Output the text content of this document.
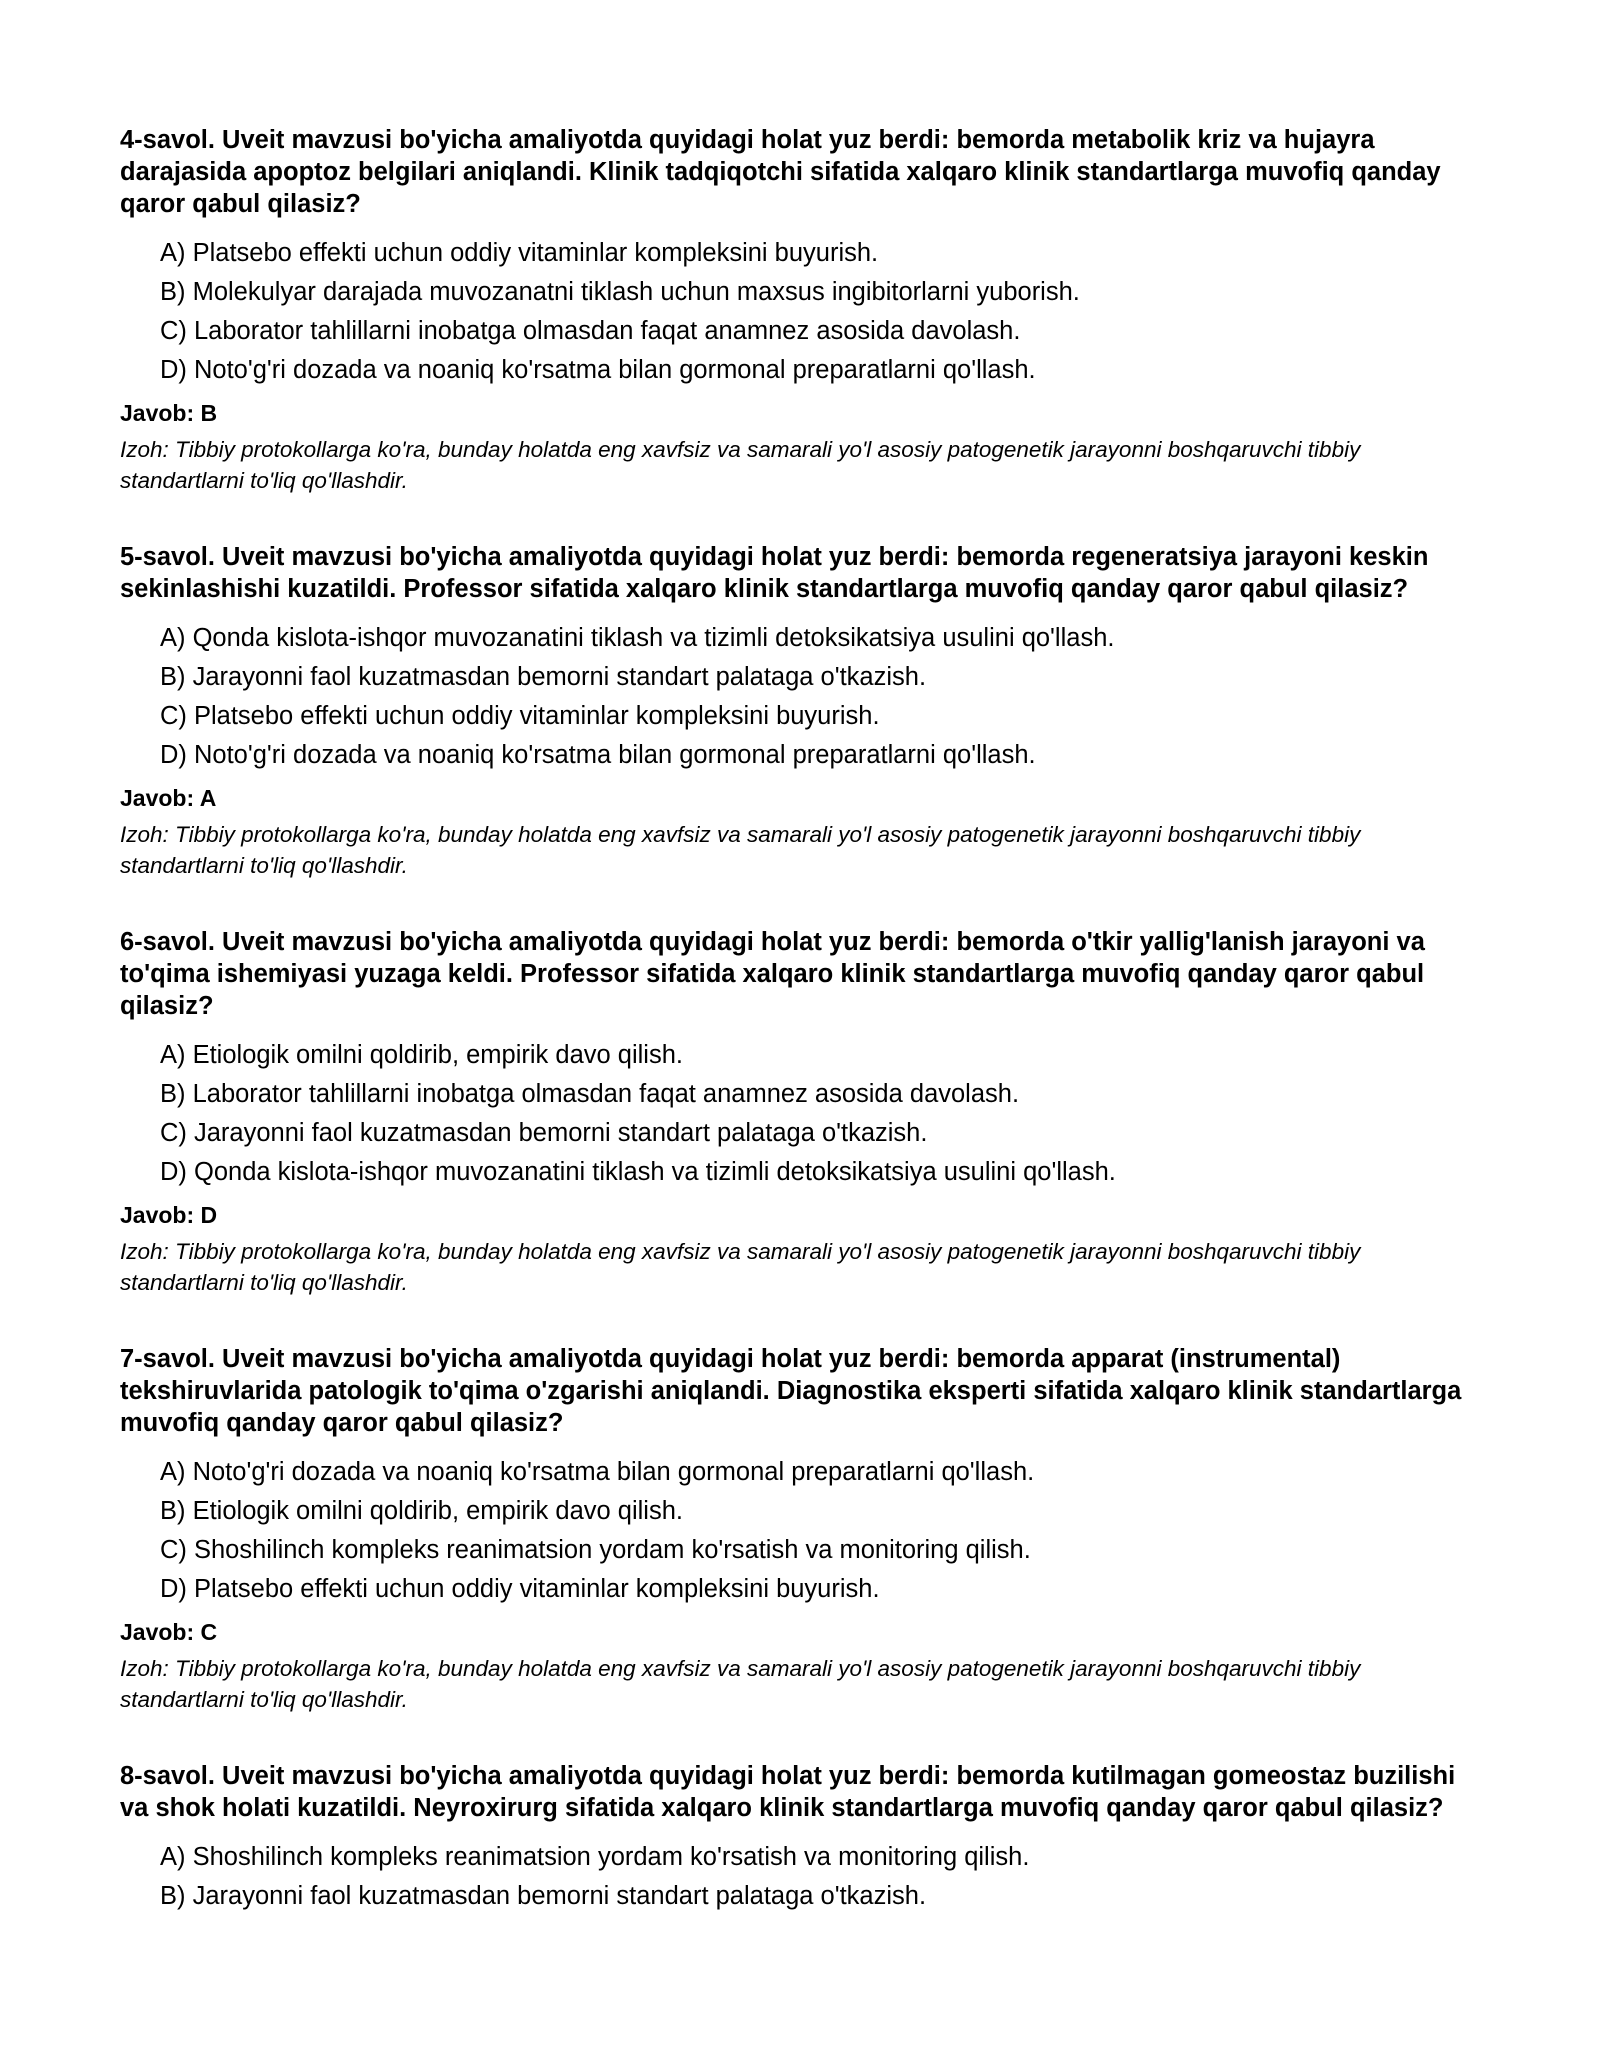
4-savol. Uveit mavzusi bo'yicha amaliyotda quyidagi holat yuz berdi: bemorda metabolik kriz va hujayra darajasida apoptoz belgilari aniqlandi. Klinik tadqiqotchi sifatida xalqaro klinik standartlarga muvofiq qanday qaror qabul qilasiz?

A) Platsebo effekti uchun oddiy vitaminlar kompleksini buyurish.
B) Molekulyar darajada muvozanatni tiklash uchun maxsus ingibitorlarni yuborish.
C) Laborator tahlillarni inobatga olmasdan faqat anamnez asosida davolash.
D) Noto'g'ri dozada va noaniq ko'rsatma bilan gormonal preparatlarni qo'llash.

Javob: B

Izoh: Tibbiy protokollarga ko'ra, bunday holatda eng xavfsiz va samarali yo'l asosiy patogenetik jarayonni boshqaruvchi tibbiy standartlarni to'liq qo'llashdir.

5-savol. Uveit mavzusi bo'yicha amaliyotda quyidagi holat yuz berdi: bemorda regeneratsiya jarayoni keskin sekinlashishi kuzatildi. Professor sifatida xalqaro klinik standartlarga muvofiq qanday qaror qabul qilasiz?

A) Qonda kislota-ishqor muvozanatini tiklash va tizimli detoksikatsiya usulini qo'llash.
B) Jarayonni faol kuzatmasdan bemorni standart palataga o'tkazish.
C) Platsebo effekti uchun oddiy vitaminlar kompleksini buyurish.
D) Noto'g'ri dozada va noaniq ko'rsatma bilan gormonal preparatlarni qo'llash.

Javob: A

Izoh: Tibbiy protokollarga ko'ra, bunday holatda eng xavfsiz va samarali yo'l asosiy patogenetik jarayonni boshqaruvchi tibbiy standartlarni to'liq qo'llashdir.

6-savol. Uveit mavzusi bo'yicha amaliyotda quyidagi holat yuz berdi: bemorda o'tkir yallig'lanish jarayoni va to'qima ishemiyasi yuzaga keldi. Professor sifatida xalqaro klinik standartlarga muvofiq qanday qaror qabul qilasiz?

A) Etiologik omilni qoldirib, empirik davo qilish.
B) Laborator tahlillarni inobatga olmasdan faqat anamnez asosida davolash.
C) Jarayonni faol kuzatmasdan bemorni standart palataga o'tkazish.
D) Qonda kislota-ishqor muvozanatini tiklash va tizimli detoksikatsiya usulini qo'llash.

Javob: D

Izoh: Tibbiy protokollarga ko'ra, bunday holatda eng xavfsiz va samarali yo'l asosiy patogenetik jarayonni boshqaruvchi tibbiy standartlarni to'liq qo'llashdir.

7-savol. Uveit mavzusi bo'yicha amaliyotda quyidagi holat yuz berdi: bemorda apparat (instrumental) tekshiruvlarida patologik to'qima o'zgarishi aniqlandi. Diagnostika eksperti sifatida xalqaro klinik standartlarga muvofiq qanday qaror qabul qilasiz?

A) Noto'g'ri dozada va noaniq ko'rsatma bilan gormonal preparatlarni qo'llash.
B) Etiologik omilni qoldirib, empirik davo qilish.
C) Shoshilinch kompleks reanimatsion yordam ko'rsatish va monitoring qilish.
D) Platsebo effekti uchun oddiy vitaminlar kompleksini buyurish.

Javob: C

Izoh: Tibbiy protokollarga ko'ra, bunday holatda eng xavfsiz va samarali yo'l asosiy patogenetik jarayonni boshqaruvchi tibbiy standartlarni to'liq qo'llashdir.

8-savol. Uveit mavzusi bo'yicha amaliyotda quyidagi holat yuz berdi: bemorda kutilmagan gomeostaz buzilishi va shok holati kuzatildi. Neyroxirurg sifatida xalqaro klinik standartlarga muvofiq qanday qaror qabul qilasiz?

A) Shoshilinch kompleks reanimatsion yordam ko'rsatish va monitoring qilish.
B) Jarayonni faol kuzatmasdan bemorni standart palataga o'tkazish.
